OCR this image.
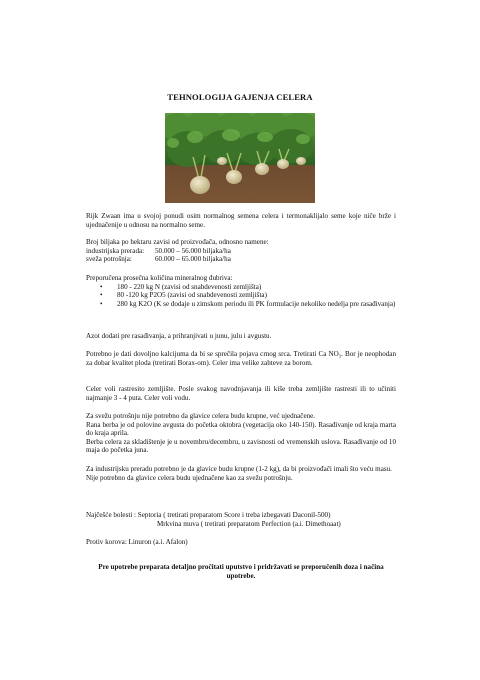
TEHNOLOGIJA GAJENJA CELERA

Rijk Zwaan ima u svojoj ponudi osim normalnog semena celera i termonaklijalo seme koje niče brže i ujednačenije u odnosu na normalno seme.

Broj biljaka po hektaru zavisi od proizvođača, odnosno namene:

industrijska prerada: 50.000 – 56.000 biljaka/ha

sveža potrošnja:	60.000 – 65.000 biljaka/ha

Preporučena prosečna količina mineralnog đubriva:

• 180 - 220 kg N (zavisi od snabdevenosti zemljišta)
• 80 -120 kg P2O5 (zavisi od snabdevenosti zemljišta)
• 280 kg K2O (K se dodaje u zimskom periodu ili PK formulacije nekoliko nedelja pre rasađivanja)

Azot dodati pre rasađivanja, a prihranjivati u junu, julu i avgustu.

Potrebno je dati dovoljno kalcijuma da bi se sprečila pojava crnog srca. Tretirati Ca NO₃. Bor je neophodan za dobar kvalitet ploda (tretirati Borax-om). Celer ima velike zahteve za borom.

Celer voli rastresito zemljište. Posle svakog navodnjavanja ili kiše treba zemljište rastresti ili to učiniti najmanje 3 - 4 puta. Celer voli vodu.

Za svežu potrošnju nije potrebno da glavice celera budu krupne, već ujednačene.

Rana berba je od polovine avgusta do početka oktobra (vegetacija oko 140-150). Rasađivanje od kraja marta do kraja aprila.

Berba celera za skladištenje je u novembru/decembru, u zavisnosti od vremenskih uslova. Rasađivanje od 10 maja do početka juna.

Za industrijsku preradu potrebno je da glavice budu krupne (1-2 kg), da bi proizvođači imali što veću masu.

Nije potrebno da glavice celera budu ujednačene kao za svežu potrošnju.

Najčešće bolesti : Septoria ( tretirati preparatom Score i treba izbegavati Daconil-500)

Mrkvina muva ( tretirati preparatom Perfection (a.i. Dimethoaat)

Protiv korova: Linuron (a.i. Afalon)

Pre upotrebe preparata detaljno pročitati uputstvo i pridržavati se preporučenih doza i načina upotrebe.
